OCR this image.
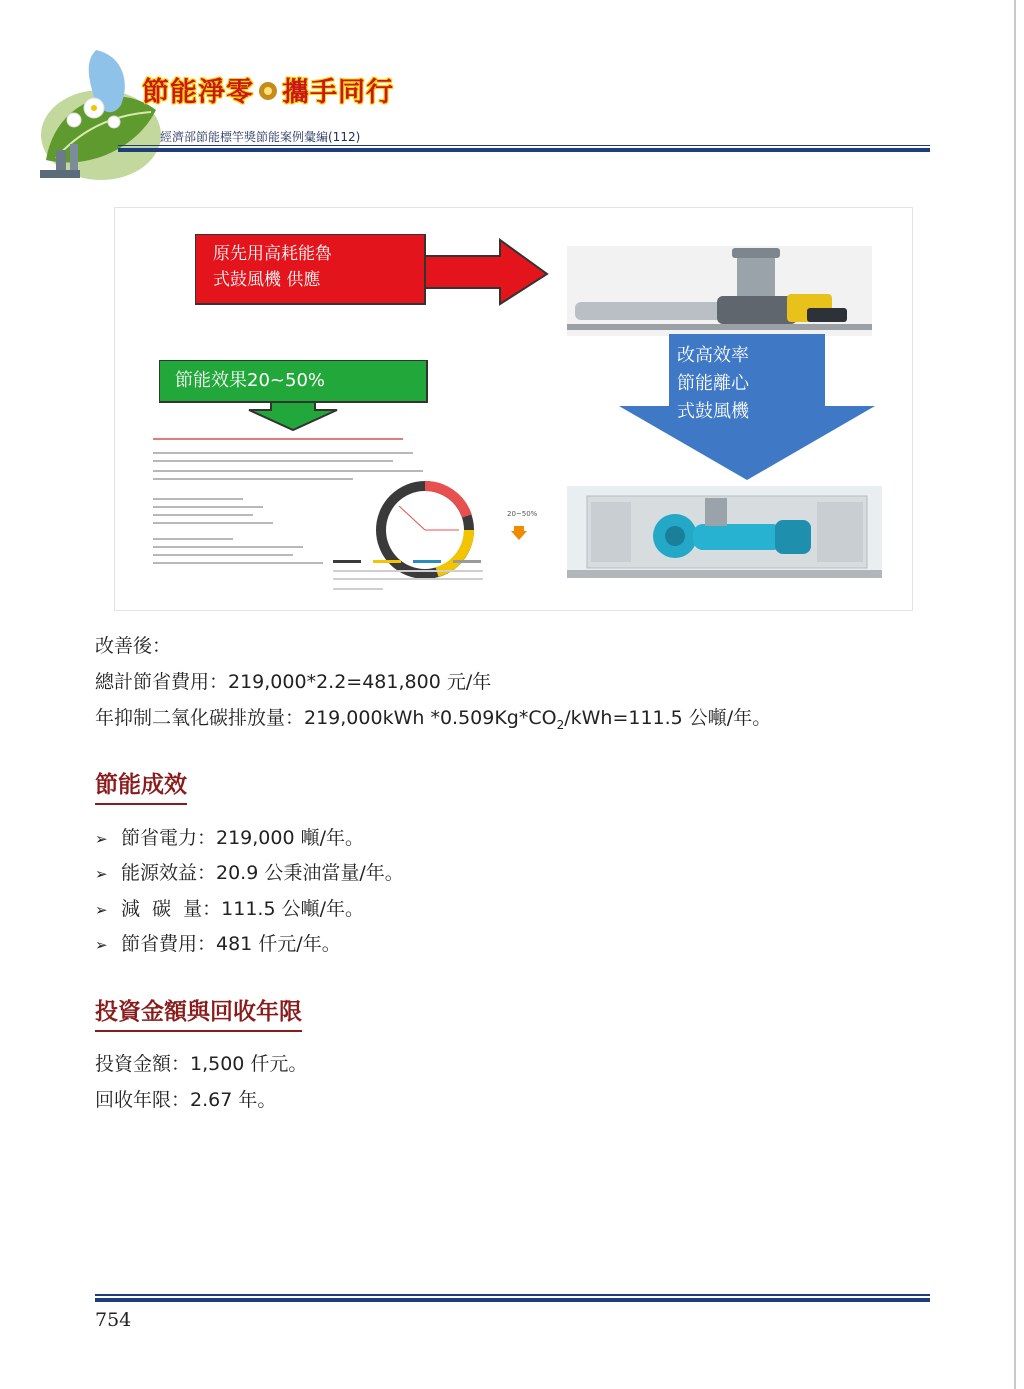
節能淨零 攜手同行
經濟部節能標竿獎節能案例彙編(112)
原先用高耗能魯
式鼓風機 供應
改高效率
節能離心
式鼓風機
節能效果20~50%
20~50%
改善後：
總計節省費用：219,000*2.2=481,800 元/年
年抑制二氧化碳排放量：219,000kWh $*0.509Kg*CO_2/kWh=111.5$ 公噸/年。
節能成效
➢ 節省電力：219,000 噸/年。
➢ 能源效益：20.9 公秉油當量/年。
➢ 減  碳  量：111.5 公噸/年。
➢ 節省費用：481 仟元/年。
投資金額與回收年限
投資金額：1,500 仟元。
回收年限：2.67 年。
754
